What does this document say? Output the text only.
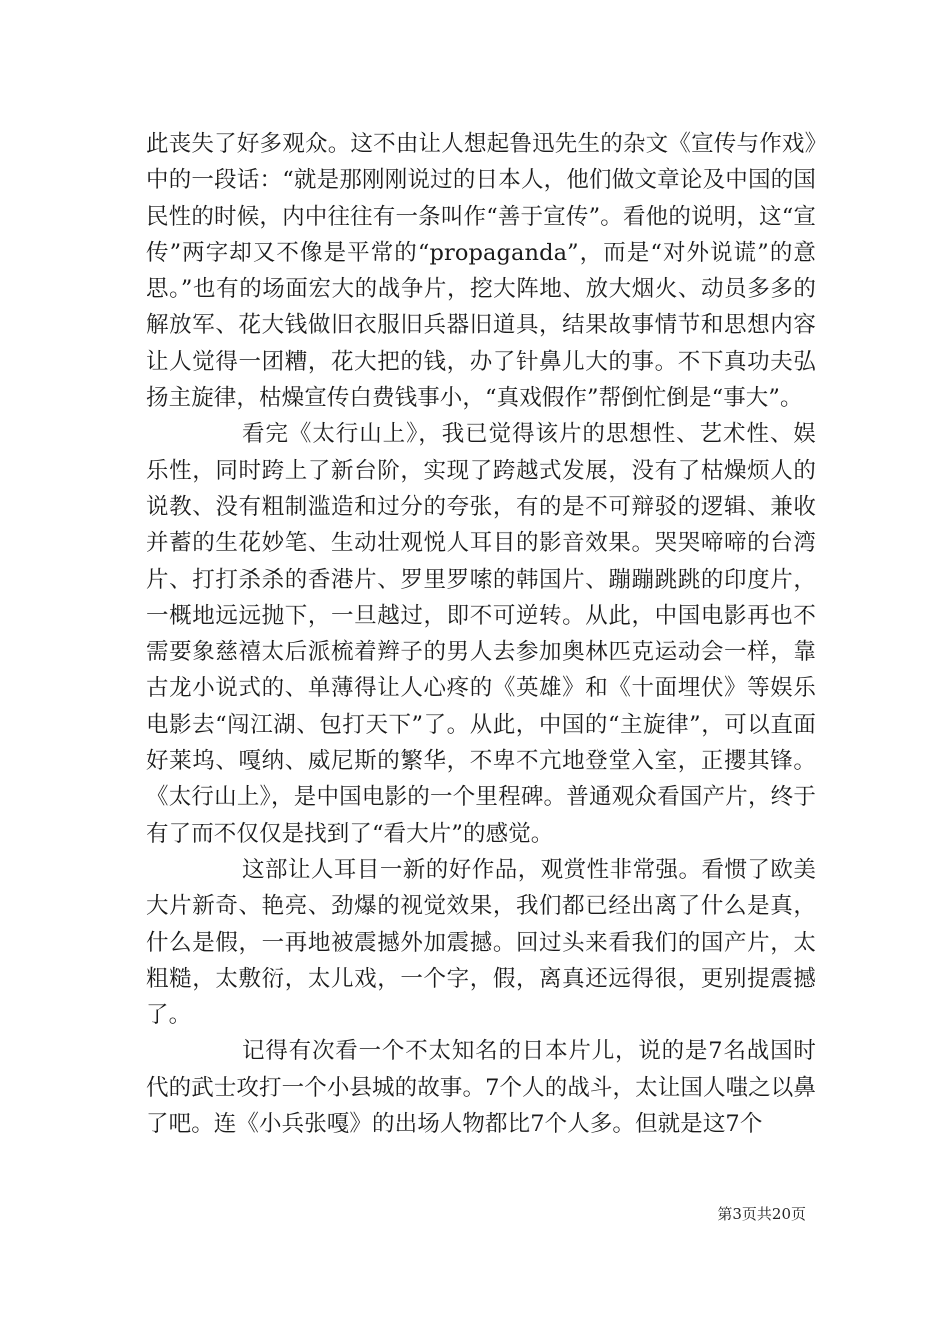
此丧失了好多观众。这不由让人想起鲁迅先生的杂文《宣传与作戏》中的一段话：“就是那刚刚说过的日本人，他们做文章论及中国的国民性的时候，内中往往有一条叫作“善于宣传”。看他的说明，这“宣传”两字却又不像是平常的“propaganda”，而是“对外说谎”的意思。”也有的场面宏大的战争片，挖大阵地、放大烟火、动员多多的解放军、花大钱做旧衣服旧兵器旧道具，结果故事情节和思想内容让人觉得一团糟，花大把的钱，办了针鼻儿大的事。不下真功夫弘扬主旋律，枯燥宣传白费钱事小，“真戏假作”帮倒忙倒是“事大”。

看完《太行山上》，我已觉得该片的思想性、艺术性、娱乐性，同时跨上了新台阶，实现了跨越式发展，没有了枯燥烦人的说教、没有粗制滥造和过分的夸张，有的是不可辩驳的逻辑、兼收并蓄的生花妙笔、生动壮观悦人耳目的影音效果。哭哭啼啼的台湾片、打打杀杀的香港片、罗里罗嗦的韩国片、蹦蹦跳跳的印度片，一概地远远抛下，一旦越过，即不可逆转。从此，中国电影再也不需要象慈禧太后派梳着辫子的男人去参加奥林匹克运动会一样，靠古龙小说式的、单薄得让人心疼的《英雄》和《十面埋伏》等娱乐电影去“闯江湖、包打天下”了。从此，中国的“主旋律”，可以直面好莱坞、嘎纳、威尼斯的繁华，不卑不亢地登堂入室，正攖其锋。《太行山上》，是中国电影的一个里程碑。普通观众看国产片，终于有了而不仅仅是找到了“看大片”的感觉。

这部让人耳目一新的好作品，观赏性非常强。看惯了欧美大片新奇、艳亮、劲爆的视觉效果，我们都已经出离了什么是真，什么是假，一再地被震撼外加震撼。回过头来看我们的国产片，太粗糙，太敷衍，太儿戏，一个字，假，离真还远得很，更别提震撼了。

记得有次看一个不太知名的日本片儿，说的是7名战国时代的武士攻打一个小县城的故事。7个人的战斗，太让国人嗤之以鼻了吧。连《小兵张嘎》的出场人物都比7个人多。但就是这7个

第3页共20页
